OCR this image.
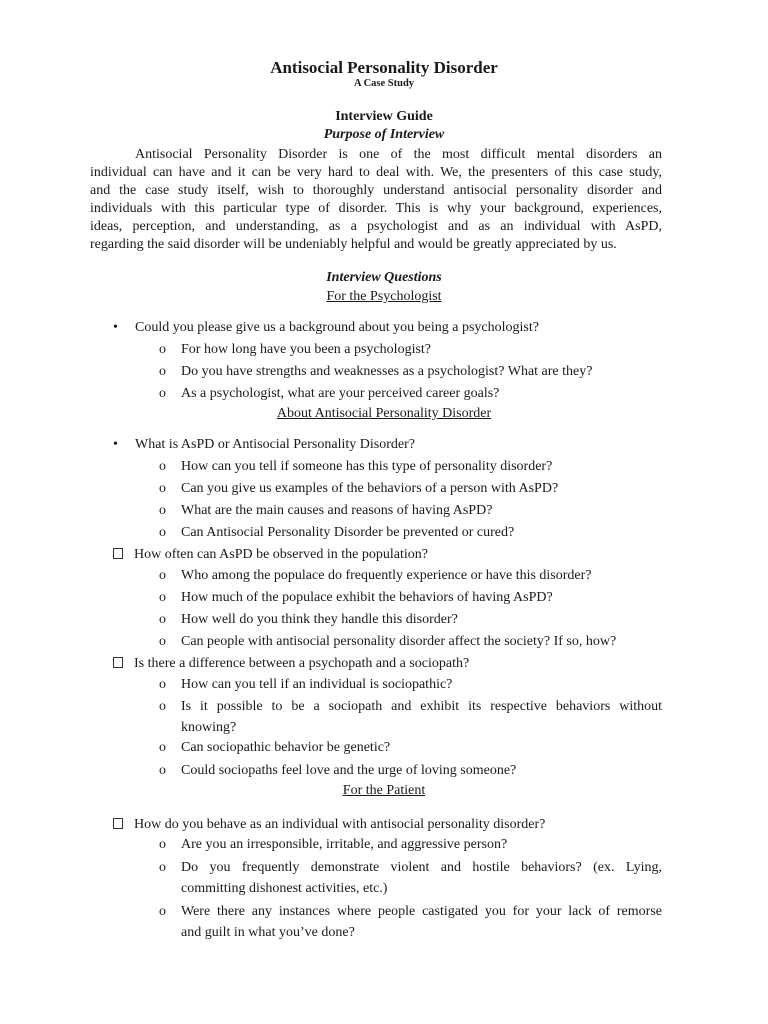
Antisocial Personality Disorder
A Case Study
Interview Guide
Purpose of Interview
Antisocial Personality Disorder is one of the most difficult mental disorders an
individual can have and it can be very hard to deal with. We, the presenters of this case study,
and the case study itself, wish to thoroughly understand antisocial personality disorder and
individuals with this particular type of disorder. This is why your background, experiences,
ideas, perception, and understanding, as a psychologist and as an individual with AsPD,
regarding the said disorder will be undeniably helpful and would be greatly appreciated by us.
Interview Questions
For the Psychologist
• Could you please give us a background about you being a psychologist?
o For how long have you been a psychologist?
o Do you have strengths and weaknesses as a psychologist? What are they?
o As a psychologist, what are your perceived career goals?
About Antisocial Personality Disorder
• What is AsPD or Antisocial Personality Disorder?
o How can you tell if someone has this type of personality disorder?
o Can you give us examples of the behaviors of a person with AsPD?
o What are the main causes and reasons of having AsPD?
o Can Antisocial Personality Disorder be prevented or cured?
How often can AsPD be observed in the population?
o Who among the populace do frequently experience or have this disorder?
o How much of the populace exhibit the behaviors of having AsPD?
o How well do you think they handle this disorder?
o Can people with antisocial personality disorder affect the society? If so, how?
Is there a difference between a psychopath and a sociopath?
o How can you tell if an individual is sociopathic?
o	Is it possible to be a sociopath and exhibit its respective behaviors without
knowing?
o Can sociopathic behavior be genetic?
o Could sociopaths feel love and the urge of loving someone?
For the Patient
How do you behave as an individual with antisocial personality disorder?
o Are you an irresponsible, irritable, and aggressive person?
o	Do you frequently demonstrate violent and hostile behaviors? (ex. Lying,
committing dishonest activities, etc.)
o	Were there any instances where people castigated you for your lack of remorse
and guilt in what you’ve done?
